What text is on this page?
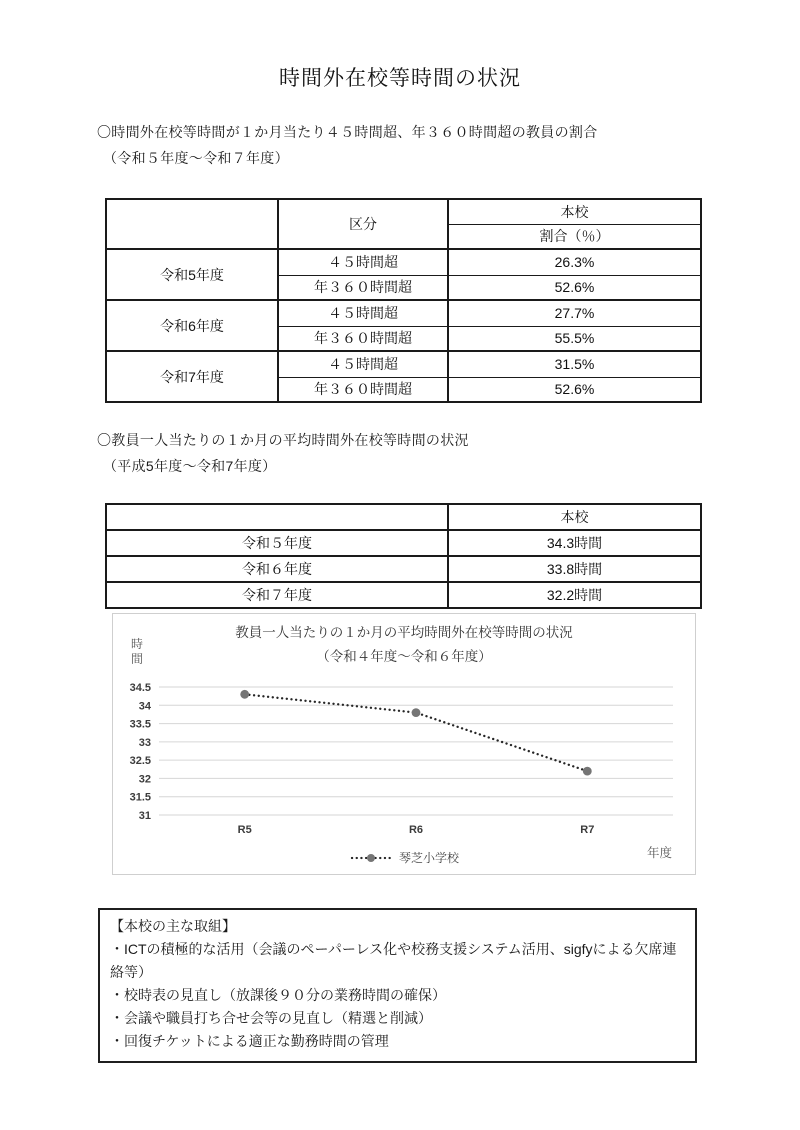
時間外在校等時間の状況
〇時間外在校等時間が１か月当たり４５時間超、年３６０時間超の教員の割合
（令和５年度〜令和７年度）
	区分	本校
		割合（％）
令和5年度	４５時間超	26.3%
	年３６０時間超	52.6%
令和6年度	４５時間超	27.7%
	年３６０時間超	55.5%
令和7年度	４５時間超	31.5%
	年３６０時間超	52.6%
〇教員一人当たりの１か月の平均時間外在校等時間の状況
（平成5年度〜令和7年度）
	本校
令和５年度	34.3時間
令和６年度	33.8時間
令和７年度	32.2時間
34.5
34
33.5
33
32.5
32
31.5
31
R5	R6	R7
教員一人当たりの１か月の平均時間外在校等時間の状況
（令和４年度〜令和６年度）
時
間
年度
琴芝小学校
【本校の主な取組】
・ICTの積極的な活用（会議のペーパーレス化や校務支援システム活用、sigfyによる欠席連絡等）
・校時表の見直し（放課後９０分の業務時間の確保）
・会議や職員打ち合せ会等の見直し（精選と削減）
・回復チケットによる適正な勤務時間の管理
